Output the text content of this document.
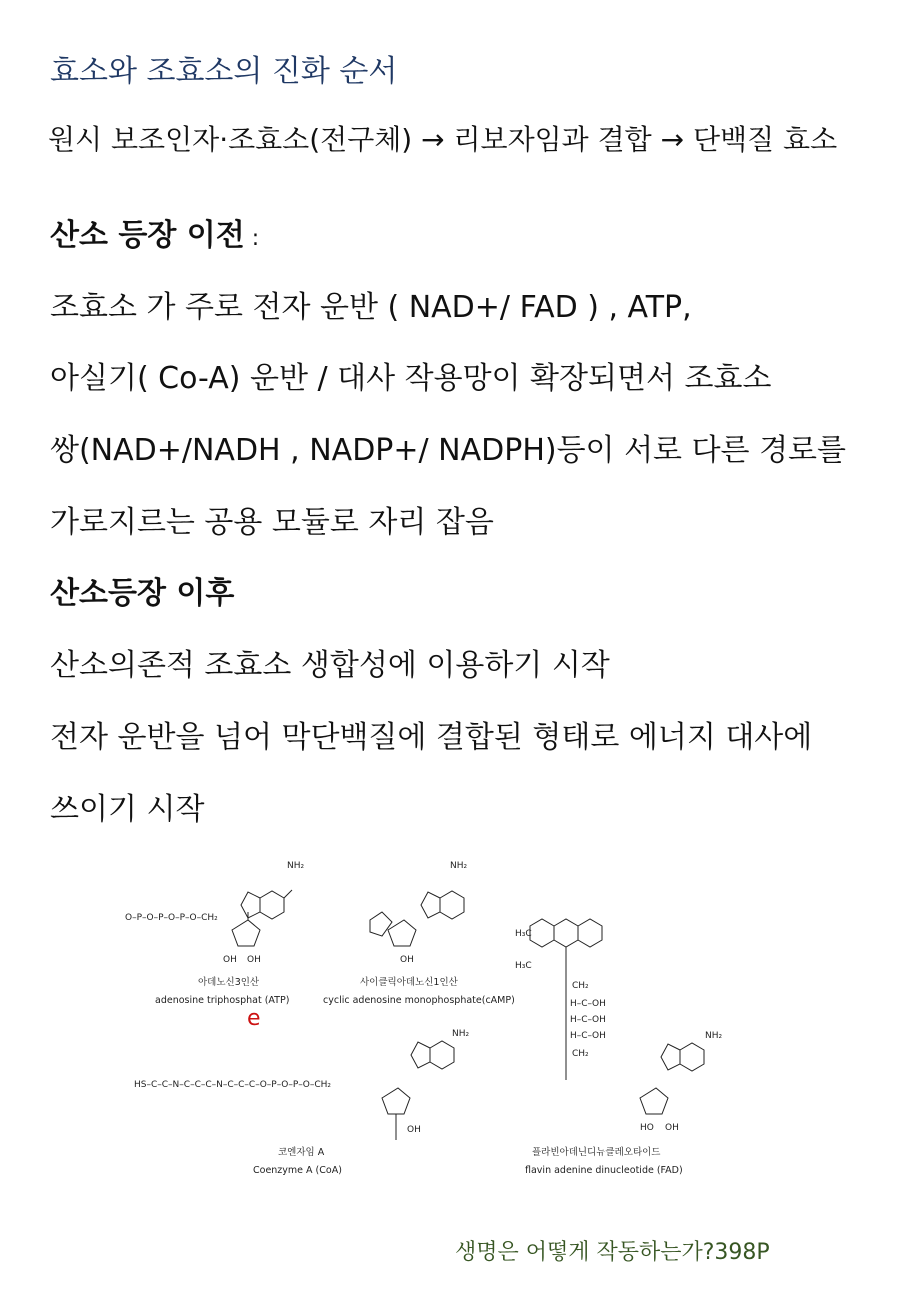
효소와 조효소의 진화 순서
원시 보조인자·조효소(전구체) → 리보자임과 결합 → 단백질 효소
산소 등장 이전 :
조효소 가 주로 전자 운반 ( NAD+/ FAD ) , ATP,
아실기( Co-A) 운반 / 대사 작용망이 확장되면서 조효소
쌍(NAD+/NADH , NADP+/ NADPH)등이 서로 다른 경로를
가로지르는 공용 모듈로 자리 잡음
산소등장 이후
산소의존적 조효소 생합성에 이용하기 시작
전자 운반을 넘어 막단백질에 결합된 형태로 에너지 대사에
쓰이기 시작
NH₂
O–P–O–P–O–P–O–CH₂
OH OH
아데노신3인산
adenosine triphosphat (ATP)
e
NH₂
OH
사이클릭아데노신1인산
cyclic adenosine monophosphate(cAMP)
H₃C
H₃C
CH₂
H–C–OH
H–C–OH
H–C–OH
CH₂
NH₂
HO OH
플라빈아데닌디뉴클레오타이드
flavin adenine dinucleotide (FAD)
NH₂
HS–C–C–N–C–C–C–N–C–C–C–O–P–O–P–O–CH₂
OH
코엔자임 A
Coenzyme A (CoA)
생명은 어떻게 작동하는가?398P
